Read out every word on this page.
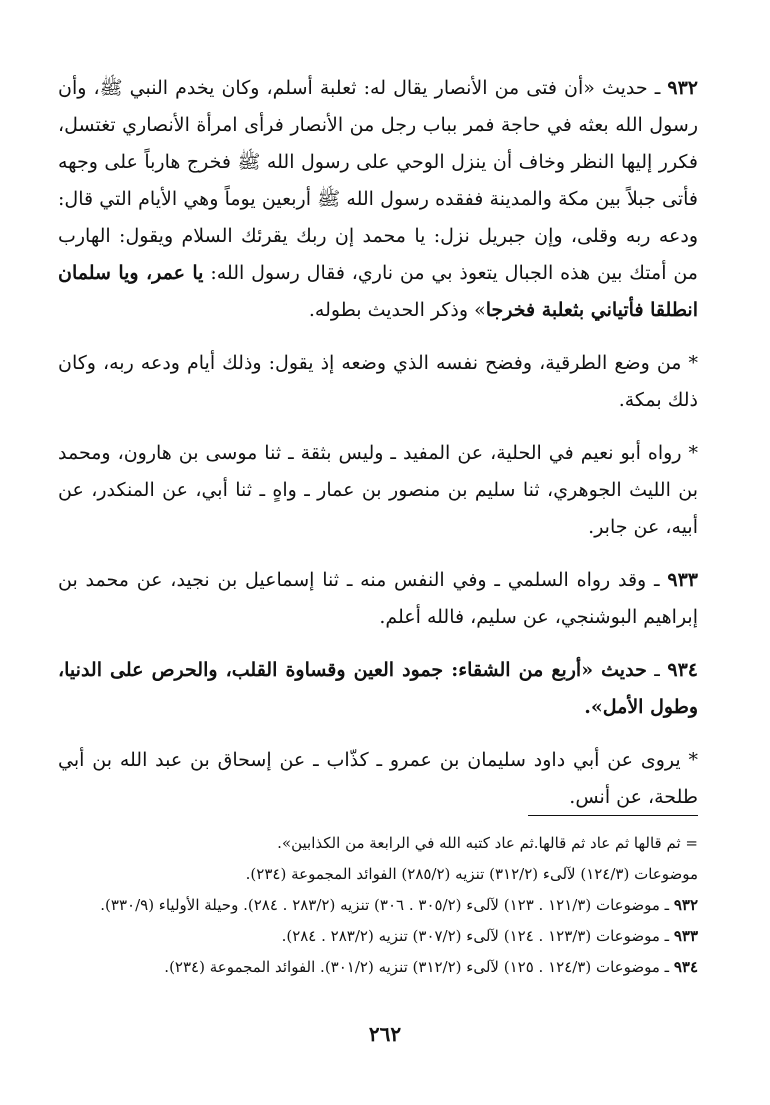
٩٣٢ ـ حديث «أن فتى من الأنصار يقال له: ثعلبة أسلم، وكان يخدم النبي ﷺ، وأن رسول الله بعثه في حاجة فمر بباب رجل من الأنصار فرأى امرأة الأنصاري تغتسل، فكرر إليها النظر وخاف أن ينزل الوحي على رسول الله ﷺ فخرج هارباً على وجهه فأتى جبلاً بين مكة والمدينة ففقده رسول الله ﷺ أربعين يوماً وهي الأيام التي قال: ودعه ربه وقلى، وإن جبريل نزل: يا محمد إن ربك يقرئك السلام ويقول: الهارب من أمتك بين هذه الجبال يتعوذ بي من ناري، فقال رسول الله: يا عمر، ويا سلمان انطلقا فأتياني بثعلبة فخرجا» وذكر الحديث بطوله.

* من وضع الطرقية، وفضح نفسه الذي وضعه إذ يقول: وذلك أيام ودعه ربه، وكان ذلك بمكة.

* رواه أبو نعيم في الحلية، عن المفيد ـ وليس بثقة ـ ثنا موسى بن هارون، ومحمد بن الليث الجوهري، ثنا سليم بن منصور بن عمار ـ واهٍ ـ ثنا أبي، عن المنكدر، عن أبيه، عن جابر.

٩٣٣ ـ وقد رواه السلمي ـ وفي النفس منه ـ ثنا إسماعيل بن نجيد، عن محمد بن إبراهيم البوشنجي، عن سليم، فالله أعلم.

٩٣٤ ـ حديث «أربع من الشقاء: جمود العين وقساوة القلب، والحرص على الدنيا، وطول الأمل».

* يروى عن أبي داود سليمان بن عمرو ـ كذّاب ـ عن إسحاق بن عبد الله بن أبي طلحة، عن أنس.

= ثم قالها ثم عاد ثم قالها.ثم عاد كتبه الله في الرابعة من الكذابين».

موضوعات (١٢٤/٣) لآلىء (٣١٢/٢) تنزيه (٢٨٥/٢) الفوائد المجموعة (٢٣٤).

٩٣٢ ـ موضوعات (١٢١/٣ . ١٢٣) لآلىء (٣٠٥/٢ . ٣٠٦) تنزيه (٢٨٣/٢ . ٢٨٤). وحيلة الأولياء (٣٣٠/٩).

٩٣٣ ـ موضوعات (١٢٣/٣ . ١٢٤) لآلىء (٣٠٧/٢) تنزيه (٢٨٣/٢ . ٢٨٤).

٩٣٤ ـ موضوعات (١٢٤/٣ . ١٢٥) لآلىء (٣١٢/٢) تنزيه (٣٠١/٢). الفوائد المجموعة (٢٣٤).

٢٦٢
